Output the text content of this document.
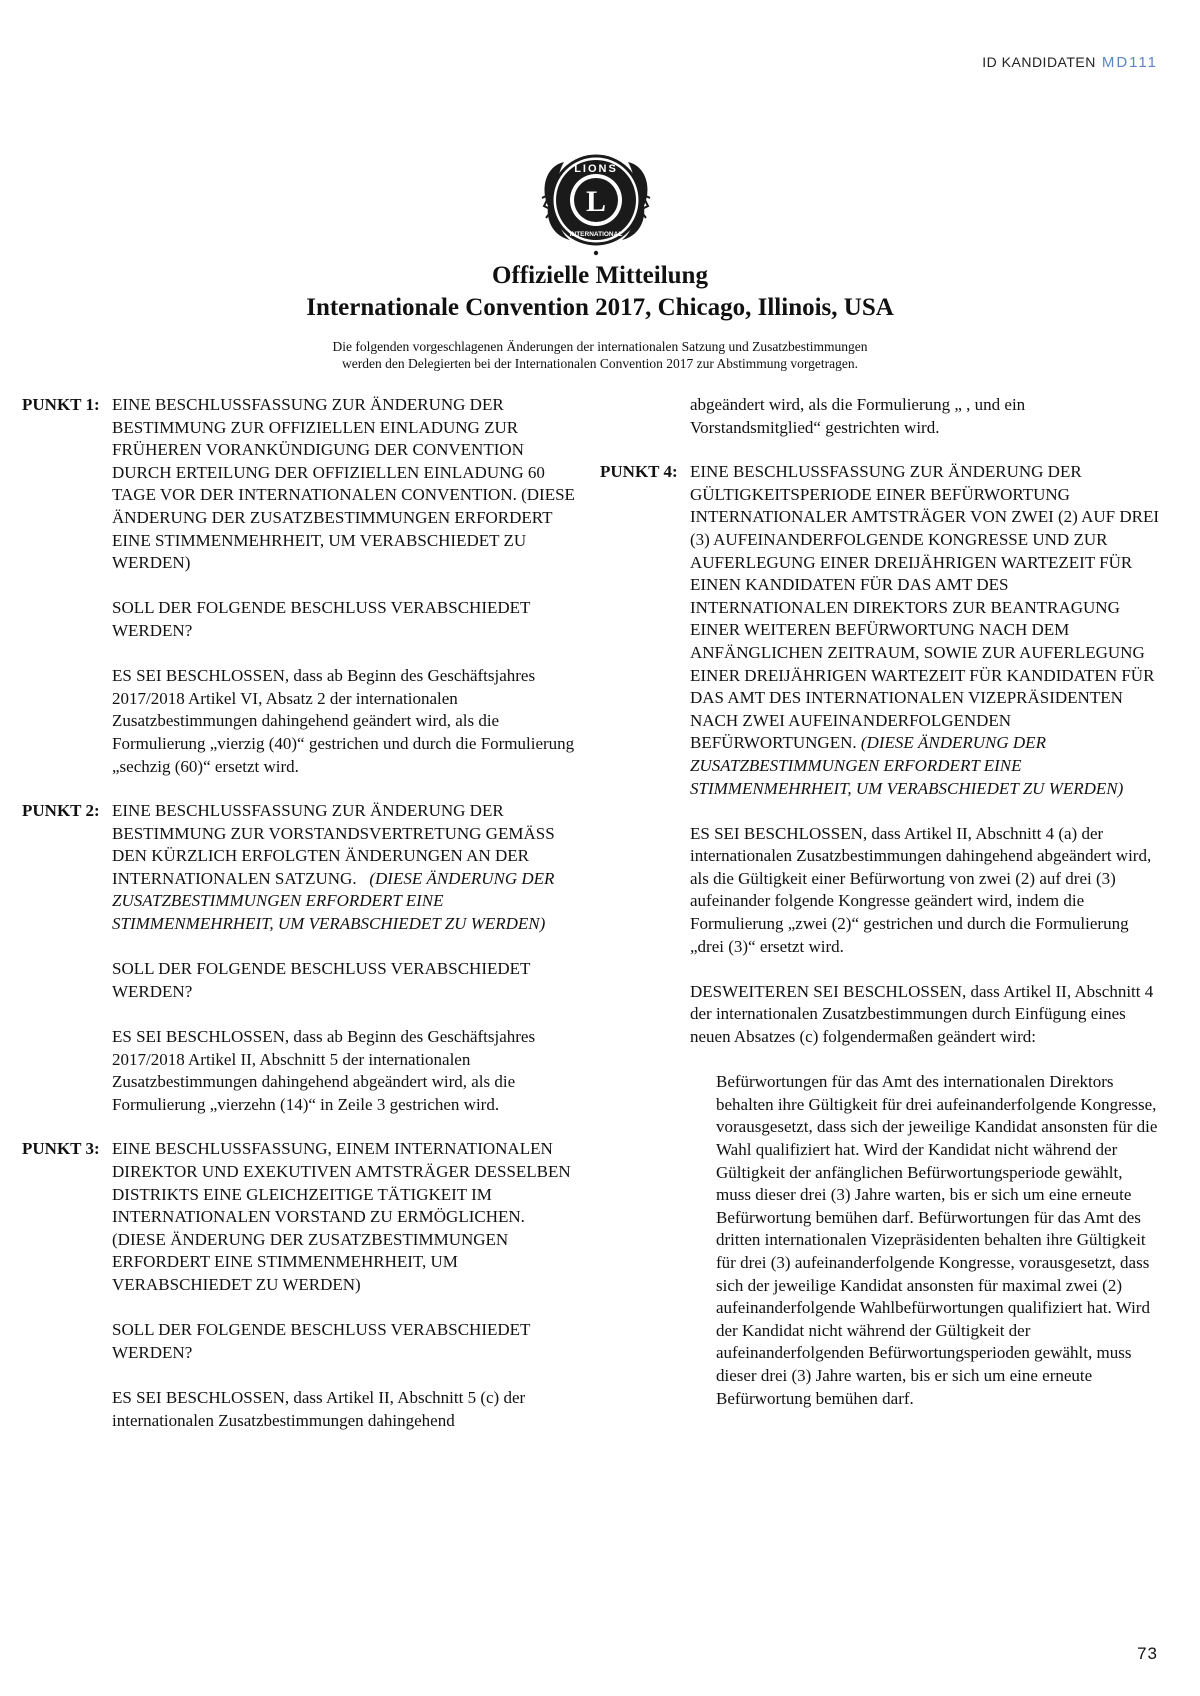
ID KANDIDATEN MD111
L
LIONS
INTERNATIONAL
Offizielle Mitteilung
Internationale Convention 2017, Chicago, Illinois, USA
Die folgenden vorgeschlagenen Änderungen der internationalen Satzung und Zusatzbestimmungen
werden den Delegierten bei der Internationalen Convention 2017 zur Abstimmung vorgetragen.
PUNKT 1: EINE BESCHLUSSFASSUNG ZUR ÄNDERUNG DER BESTIMMUNG ZUR OFFIZIELLEN EINLADUNG ZUR FRÜHEREN VORANKÜNDIGUNG DER CONVENTION DURCH ERTEILUNG DER OFFIZIELLEN EINLADUNG 60 TAGE VOR DER INTERNATIONALEN CONVENTION. (DIESE ÄNDERUNG DER ZUSATZBESTIMMUNGEN ERFORDERT EINE STIMMENMEHRHEIT, UM VERABSCHIEDET ZU WERDEN)

SOLL DER FOLGENDE BESCHLUSS VERABSCHIEDET WERDEN?

ES SEI BESCHLOSSEN, dass ab Beginn des Geschäftsjahres 2017/2018 Artikel VI, Absatz 2 der internationalen Zusatzbestimmungen dahingehend geändert wird, als die Formulierung „vierzig (40)“ gestrichen und durch die Formulierung „sechzig (60)“ ersetzt wird.

PUNKT 2: EINE BESCHLUSSFASSUNG ZUR ÄNDERUNG DER BESTIMMUNG ZUR VORSTANDSVERTRETUNG GEMÄSS DEN KÜRZLICH ERFOLGTEN ÄNDERUNGEN AN DER INTERNATIONALEN SATZUNG. (DIESE ÄNDERUNG DER ZUSATZBESTIMMUNGEN ERFORDERT EINE STIMMENMEHRHEIT, UM VERABSCHIEDET ZU WERDEN)

SOLL DER FOLGENDE BESCHLUSS VERABSCHIEDET WERDEN?

ES SEI BESCHLOSSEN, dass ab Beginn des Geschäftsjahres 2017/2018 Artikel II, Abschnitt 5 der internationalen Zusatzbestimmungen dahingehend abgeändert wird, als die Formulierung „vierzehn (14)“ in Zeile 3 gestrichen wird.

PUNKT 3: EINE BESCHLUSSFASSUNG, EINEM INTERNATIONALEN DIREKTOR UND EXEKUTIVEN AMTSTRÄGER DESSELBEN DISTRIKTS EINE GLEICHZEITIGE TÄTIGKEIT IM INTERNATIONALEN VORSTAND ZU ERMÖGLICHEN. (DIESE ÄNDERUNG DER ZUSATZBESTIMMUNGEN ERFORDERT EINE STIMMENMEHRHEIT, UM VERABSCHIEDET ZU WERDEN)

SOLL DER FOLGENDE BESCHLUSS VERABSCHIEDET WERDEN?

ES SEI BESCHLOSSEN, dass Artikel II, Abschnitt 5 (c) der internationalen Zusatzbestimmungen dahingehend

abgeändert wird, als die Formulierung „ , und ein Vorstandsmitglied“ gestrichten wird.

PUNKT 4: EINE BESCHLUSSFASSUNG ZUR ÄNDERUNG DER GÜLTIGKEITSPERIODE EINER BEFÜRWORTUNG INTERNATIONALER AMTSTRÄGER VON ZWEI (2) AUF DREI (3) AUFEINANDERFOLGENDE KONGRESSE UND ZUR AUFERLEGUNG EINER DREIJÄHRIGEN WARTEZEIT FÜR EINEN KANDIDATEN FÜR DAS AMT DES INTERNATIONALEN DIREKTORS ZUR BEANTRAGUNG EINER WEITEREN BEFÜRWORTUNG NACH DEM ANFÄNGLICHEN ZEITRAUM, SOWIE ZUR AUFERLEGUNG EINER DREIJÄHRIGEN WARTEZEIT FÜR KANDIDATEN FÜR DAS AMT DES INTERNATIONALEN VIZEPRÄSIDENTEN NACH ZWEI AUFEINANDERFOLGENDEN BEFÜRWORTUNGEN. (DIESE ÄNDERUNG DER ZUSATZBESTIMMUNGEN ERFORDERT EINE STIMMENMEHRHEIT, UM VERABSCHIEDET ZU WERDEN)

ES SEI BESCHLOSSEN, dass Artikel II, Abschnitt 4 (a) der internationalen Zusatzbestimmungen dahingehend abgeändert wird, als die Gültigkeit einer Befürwortung von zwei (2) auf drei (3) aufeinander folgende Kongresse geändert wird, indem die Formulierung „zwei (2)“ gestrichen und durch die Formulierung „drei (3)“ ersetzt wird.

DESWEITEREN SEI BESCHLOSSEN, dass Artikel II, Abschnitt 4 der internationalen Zusatzbestimmungen durch Einfügung eines neuen Absatzes (c) folgendermaßen geändert wird:

Befürwortungen für das Amt des internationalen Direktors behalten ihre Gültigkeit für drei aufeinanderfolgende Kongresse, vorausgesetzt, dass sich der jeweilige Kandidat ansonsten für die Wahl qualifiziert hat. Wird der Kandidat nicht während der Gültigkeit der anfänglichen Befürwortungsperiode gewählt, muss dieser drei (3) Jahre warten, bis er sich um eine erneute Befürwortung bemühen darf. Befürwortungen für das Amt des dritten internationalen Vizepräsidenten behalten ihre Gültigkeit für drei (3) aufeinanderfolgende Kongresse, vorausgesetzt, dass sich der jeweilige Kandidat ansonsten für maximal zwei (2) aufeinanderfolgende Wahlbefürwortungen qualifiziert hat. Wird der Kandidat nicht während der Gültigkeit der aufeinanderfolgenden Befürwortungsperioden gewählt, muss dieser drei (3) Jahre warten, bis er sich um eine erneute Befürwortung bemühen darf.

73
